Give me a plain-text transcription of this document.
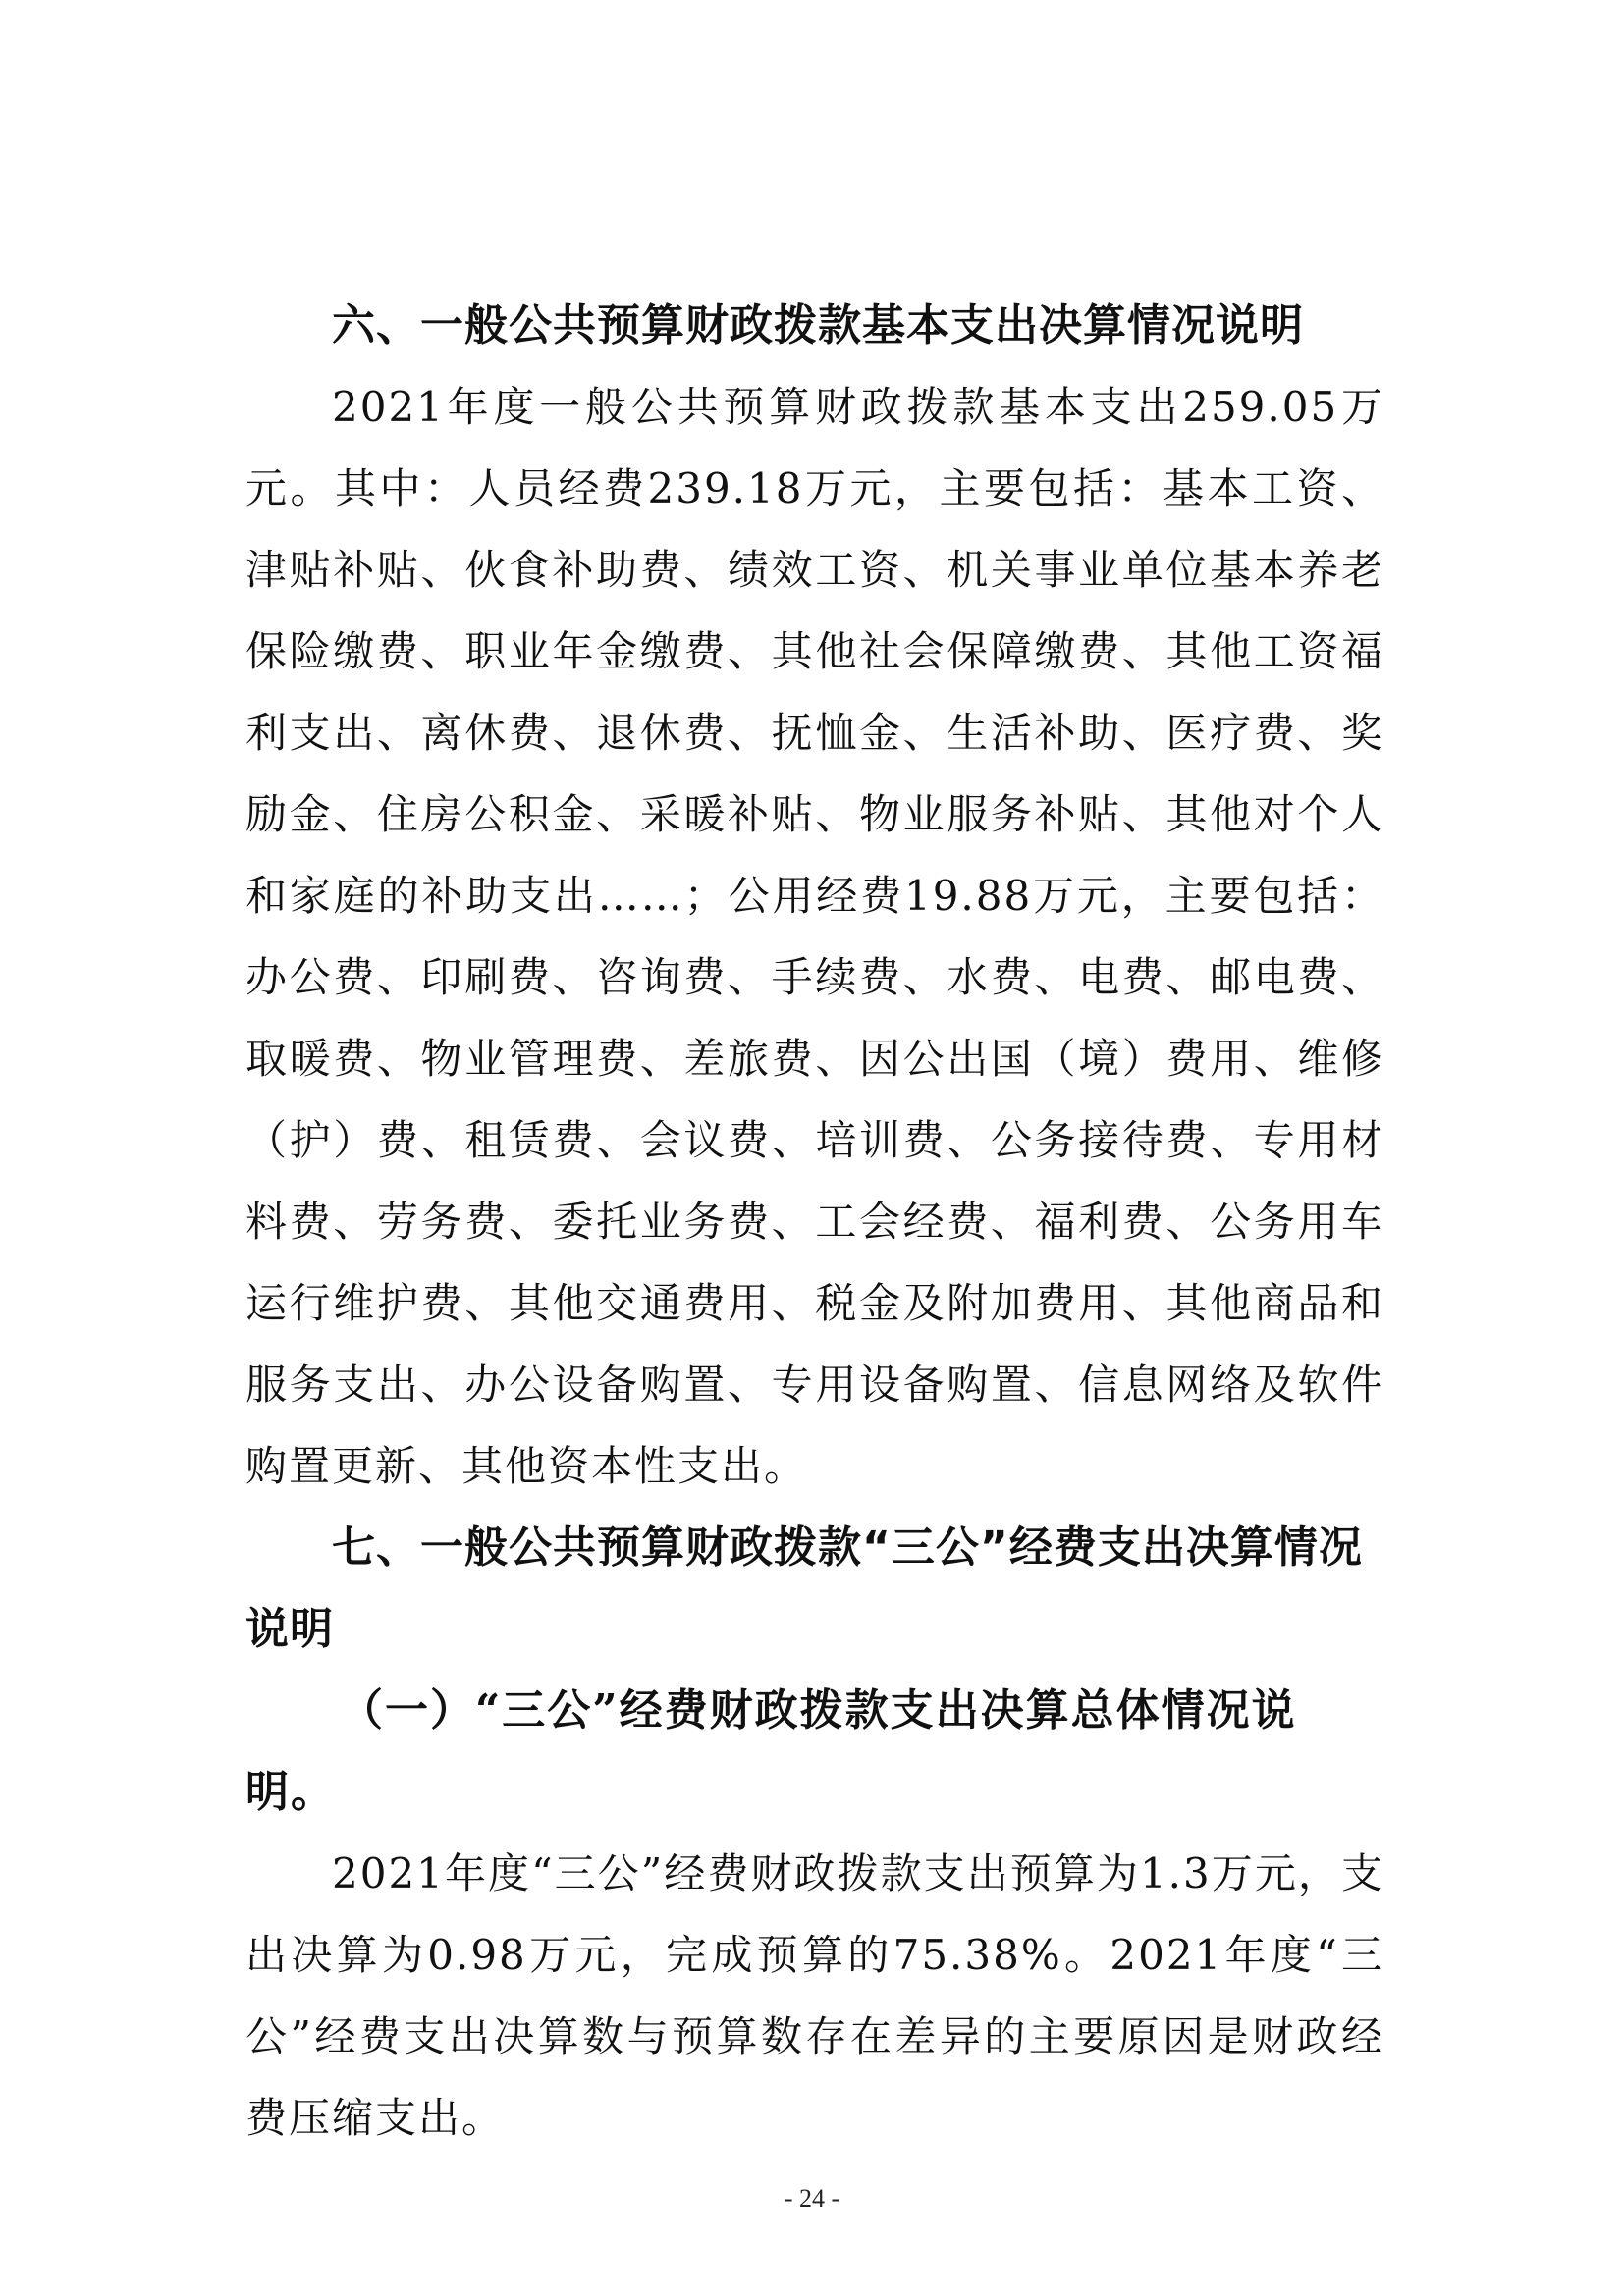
六、一般公共预算财政拨款基本支出决算情况说明

2021年度一般公共预算财政拨款基本支出259.05万元。其中：人员经费239.18万元，主要包括：基本工资、津贴补贴、伙食补助费、绩效工资、机关事业单位基本养老保险缴费、职业年金缴费、其他社会保障缴费、其他工资福利支出、离休费、退休费、抚恤金、生活补助、医疗费、奖励金、住房公积金、采暖补贴、物业服务补贴、其他对个人和家庭的补助支出……；公用经费19.88万元，主要包括：办公费、印刷费、咨询费、手续费、水费、电费、邮电费、取暖费、物业管理费、差旅费、因公出国（境）费用、维修（护）费、租赁费、会议费、培训费、公务接待费、专用材料费、劳务费、委托业务费、工会经费、福利费、公务用车运行维护费、其他交通费用、税金及附加费用、其他商品和服务支出、办公设备购置、专用设备购置、信息网络及软件购置更新、其他资本性支出。

七、一般公共预算财政拨款“三公”经费支出决算情况说明
（一）“三公”经费财政拨款支出决算总体情况说明。

2021年度“三公”经费财政拨款支出预算为1.3万元，支出决算为0.98万元，完成预算的75.38%。2021年度“三公”经费支出决算数与预算数存在差异的主要原因是财政经费压缩支出。

- 24 -
